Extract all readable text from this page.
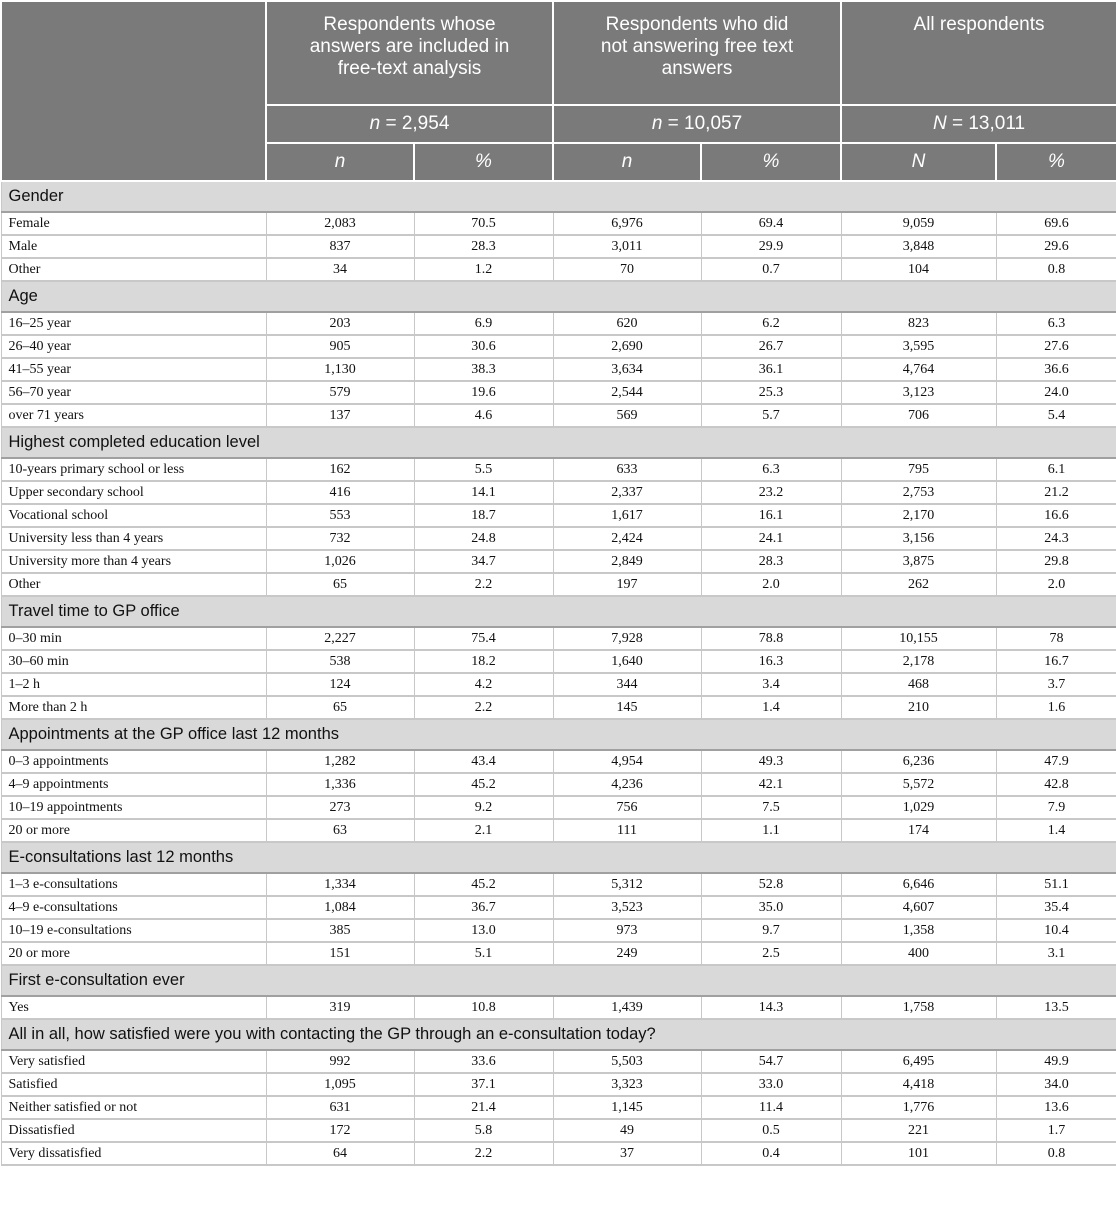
	Respondents whose answers are included in free-text analysis		Respondents who did not answering free text answers		All respondents	

	n = 2,954		n = 10,057		N = 13,011	
	n	%	n	%	N	%
Gender						
Female	2,083	70.5	6,976	69.4	9,059	69.6
Male	837	28.3	3,011	29.9	3,848	29.6
Other	34	1.2	70	0.7	104	0.8
Age						
16–25 year	203	6.9	620	6.2	823	6.3
26–40 year	905	30.6	2,690	26.7	3,595	27.6
41–55 year	1,130	38.3	3,634	36.1	4,764	36.6
56–70 year	579	19.6	2,544	25.3	3,123	24.0
over 71 years	137	4.6	569	5.7	706	5.4
Highest completed education level						
10-years primary school or less	162	5.5	633	6.3	795	6.1
Upper secondary school	416	14.1	2,337	23.2	2,753	21.2
Vocational school	553	18.7	1,617	16.1	2,170	16.6
University less than 4 years	732	24.8	2,424	24.1	3,156	24.3
University more than 4 years	1,026	34.7	2,849	28.3	3,875	29.8
Other	65	2.2	197	2.0	262	2.0
Travel time to GP office						
0–30 min	2,227	75.4	7,928	78.8	10,155	78
30–60 min	538	18.2	1,640	16.3	2,178	16.7
1–2 h	124	4.2	344	3.4	468	3.7
More than 2 h	65	2.2	145	1.4	210	1.6
Appointments at the GP office last 12 months						
0–3 appointments	1,282	43.4	4,954	49.3	6,236	47.9
4–9 appointments	1,336	45.2	4,236	42.1	5,572	42.8
10–19 appointments	273	9.2	756	7.5	1,029	7.9
20 or more	63	2.1	111	1.1	174	1.4
E-consultations last 12 months						
1–3 e-consultations	1,334	45.2	5,312	52.8	6,646	51.1
4–9 e-consultations	1,084	36.7	3,523	35.0	4,607	35.4
10–19 e-consultations	385	13.0	973	9.7	1,358	10.4
20 or more	151	5.1	249	2.5	400	3.1
First e-consultation ever						
Yes	319	10.8	1,439	14.3	1,758	13.5
All in all, how satisfied were you with contacting the GP through an e-consultation today?						
Very satisfied	992	33.6	5,503	54.7	6,495	49.9
Satisfied	1,095	37.1	3,323	33.0	4,418	34.0
Neither satisfied or not	631	21.4	1,145	11.4	1,776	13.6
Dissatisfied	172	5.8	49	0.5	221	1.7
Very dissatisfied	64	2.2	37	0.4	101	0.8
